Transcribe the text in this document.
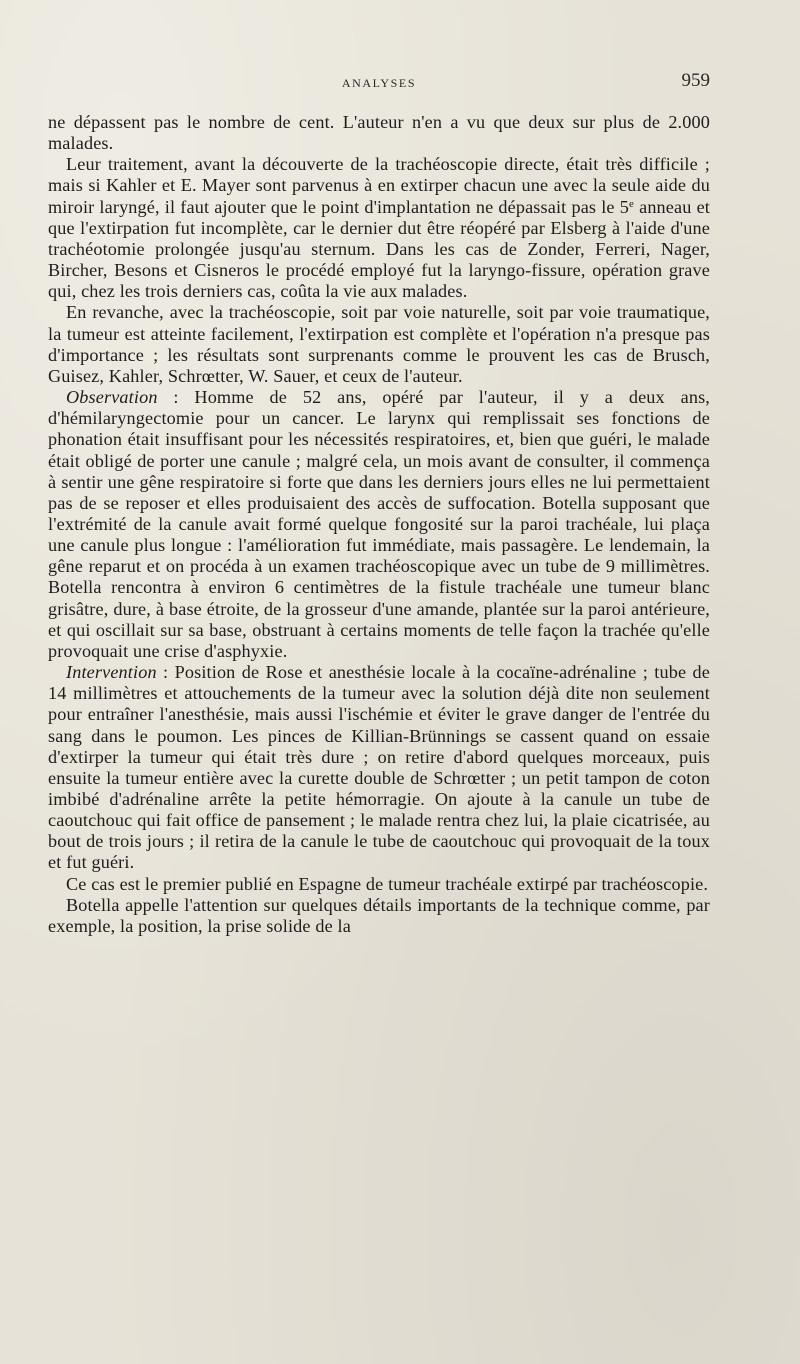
ANALYSES	959

ne dépassent pas le nombre de cent. L'auteur n'en a vu que deux sur plus de 2.000 malades.

Leur traitement, avant la découverte de la trachéoscopie directe, était très difficile ; mais si Kahler et E. Mayer sont parvenus à en extirper chacun une avec la seule aide du miroir laryngé, il faut ajouter que le point d'implantation ne dépassait pas le 5e anneau et que l'extirpation fut incomplète, car le dernier dut être réopéré par Elsberg à l'aide d'une trachéotomie prolongée jusqu'au sternum. Dans les cas de Zonder, Ferreri, Nager, Bircher, Besons et Cisneros le procédé employé fut la laryngo-fissure, opération grave qui, chez les trois derniers cas, coûta la vie aux malades.

En revanche, avec la trachéoscopie, soit par voie naturelle, soit par voie traumatique, la tumeur est atteinte facilement, l'extirpation est complète et l'opération n'a presque pas d'importance ; les résultats sont surprenants comme le prouvent les cas de Brusch, Guisez, Kahler, Schrœtter, W. Sauer, et ceux de l'auteur.

Observation : Homme de 52 ans, opéré par l'auteur, il y a deux ans, d'hémilaryngectomie pour un cancer. Le larynx qui remplissait ses fonctions de phonation était insuffisant pour les nécessités respiratoires, et, bien que guéri, le malade était obligé de porter une canule ; malgré cela, un mois avant de consulter, il commença à sentir une gêne respiratoire si forte que dans les derniers jours elles ne lui permettaient pas de se reposer et elles produisaient des accès de suffocation. Botella supposant que l'extrémité de la canule avait formé quelque fongosité sur la paroi trachéale, lui plaça une canule plus longue : l'amélioration fut immédiate, mais passagère. Le lendemain, la gêne reparut et on procéda à un examen trachéoscopique avec un tube de 9 millimètres. Botella rencontra à environ 6 centimètres de la fistule trachéale une tumeur blanc grisâtre, dure, à base étroite, de la grosseur d'une amande, plantée sur la paroi antérieure, et qui oscillait sur sa base, obstruant à certains moments de telle façon la trachée qu'elle provoquait une crise d'asphyxie.

Intervention : Position de Rose et anesthésie locale à la cocaïne-adrénaline ; tube de 14 millimètres et attouchements de la tumeur avec la solution déjà dite non seulement pour entraîner l'anesthésie, mais aussi l'ischémie et éviter le grave danger de l'entrée du sang dans le poumon. Les pinces de Killian-Brünnings se cassent quand on essaie d'extirper la tumeur qui était très dure ; on retire d'abord quelques morceaux, puis ensuite la tumeur entière avec la curette double de Schrœtter ; un petit tampon de coton imbibé d'adrénaline arrête la petite hémorragie. On ajoute à la canule un tube de caoutchouc qui fait office de pansement ; le malade rentra chez lui, la plaie cicatrisée, au bout de trois jours ; il retira de la canule le tube de caoutchouc qui provoquait de la toux et fut guéri.

Ce cas est le premier publié en Espagne de tumeur trachéale extirpé par trachéoscopie.

Botella appelle l'attention sur quelques détails importants de la technique comme, par exemple, la position, la prise solide de la
